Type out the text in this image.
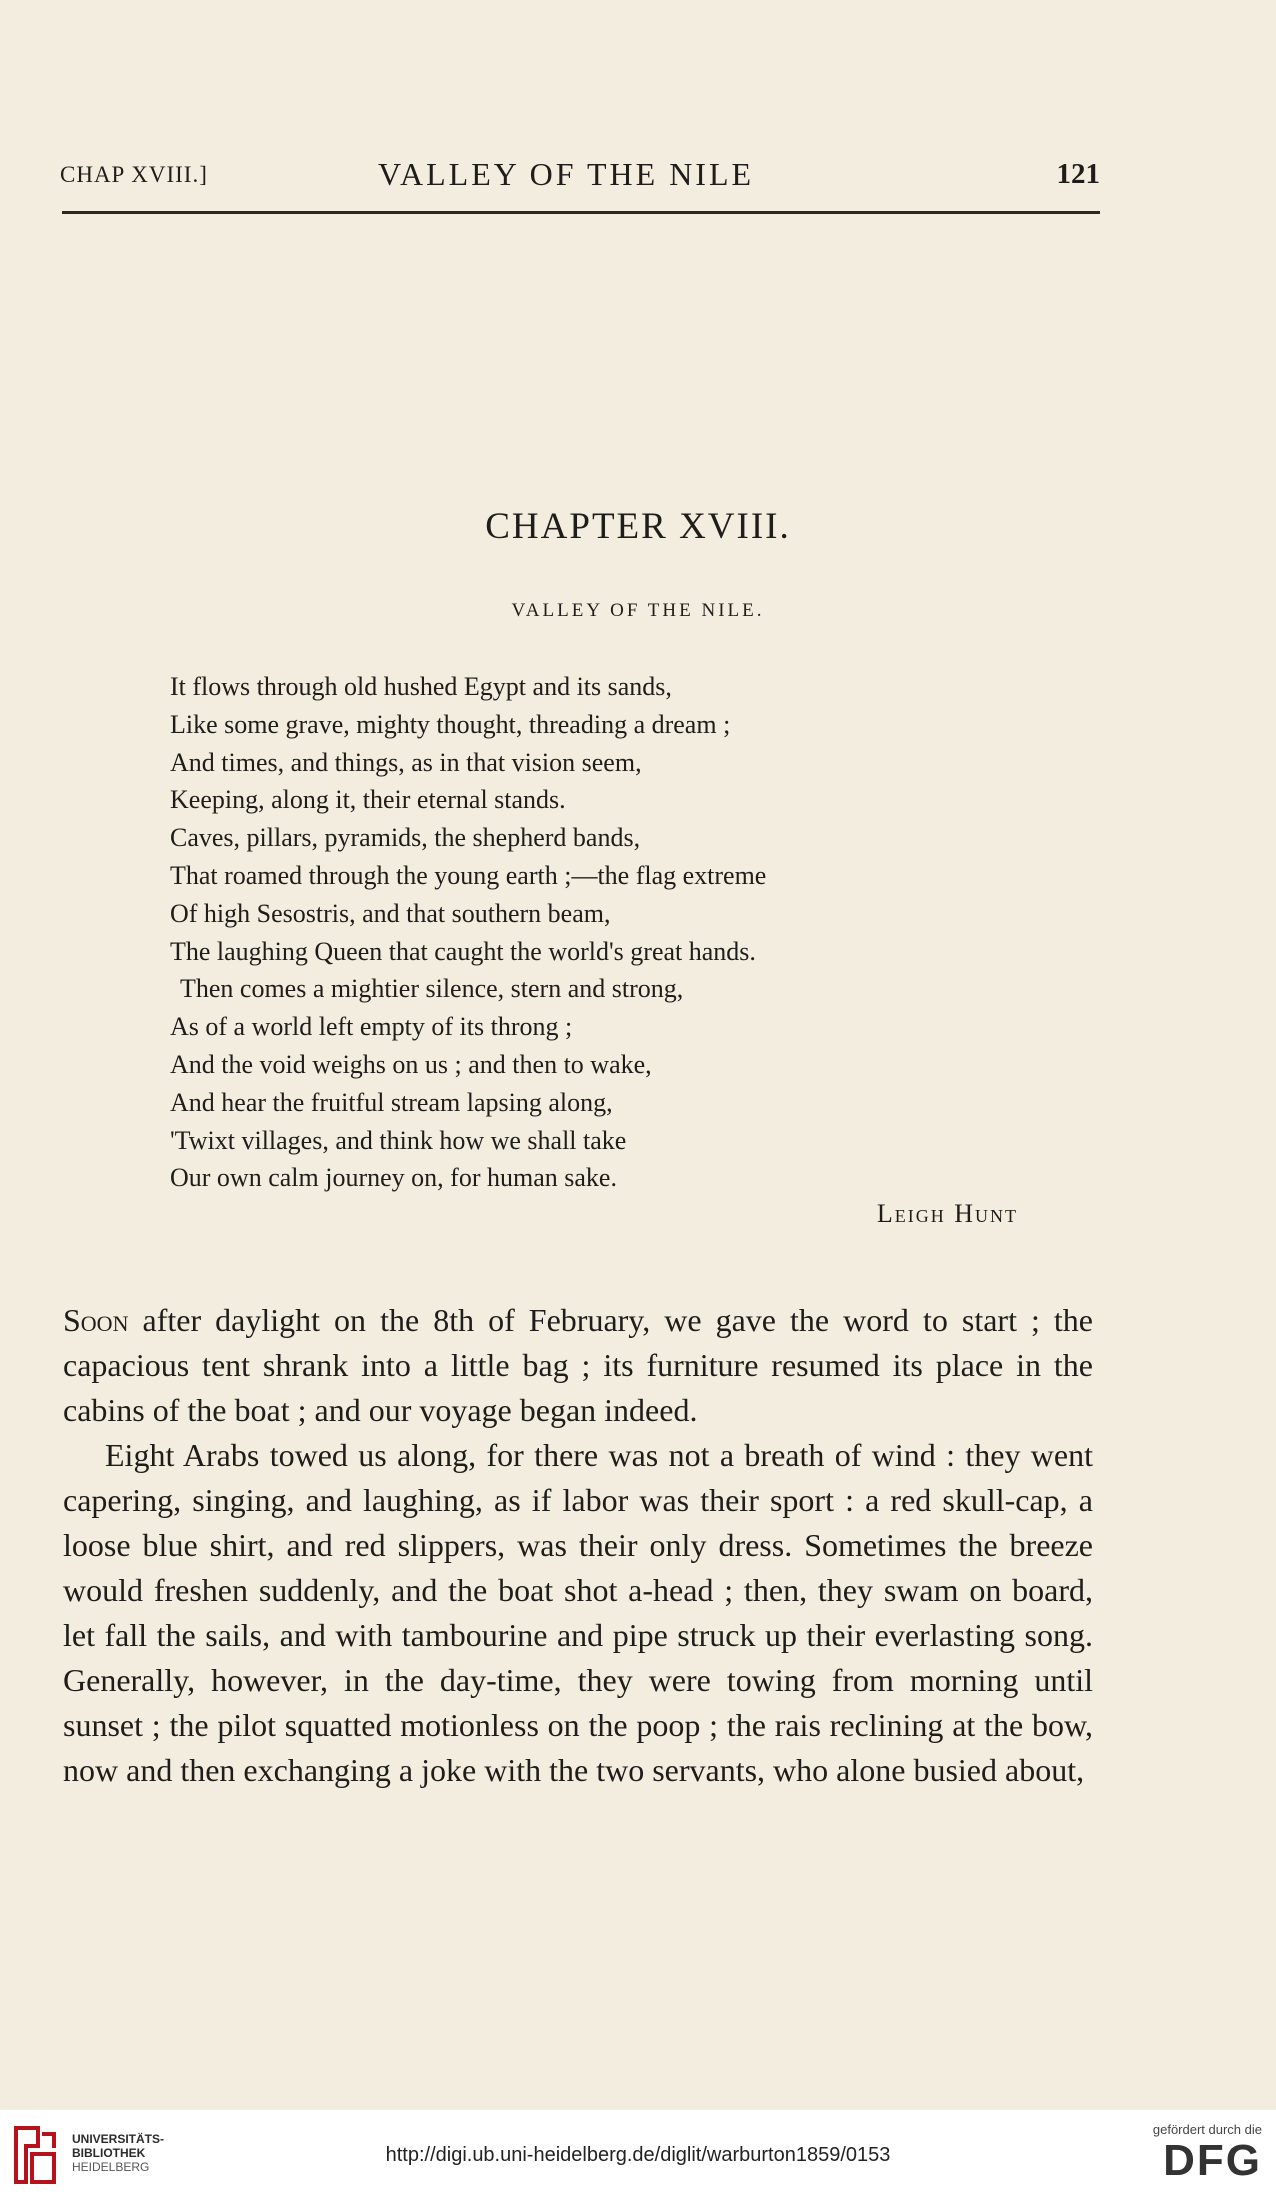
CHAP XVIII.]	VALLEY OF THE NILE	121
CHAPTER XVIII.
VALLEY OF THE NILE.
It flows through old hushed Egypt and its sands,
Like some grave, mighty thought, threading a dream ;
And times, and things, as in that vision seem,
Keeping, along it, their eternal stands.
Caves, pillars, pyramids, the shepherd bands,
That roamed through the young earth ;—the flag extreme
Of high Sesostris, and that southern beam,
The laughing Queen that caught the world's great hands.
Then comes a mightier silence, stern and strong,
As of a world left empty of its throng ;
And the void weighs on us ; and then to wake,
And hear the fruitful stream lapsing along,
'Twixt villages, and think how we shall take
Our own calm journey on, for human sake.
Leigh Hunt

Soon after daylight on the 8th of February, we gave the word to start ; the capacious tent shrank into a little bag ; its furniture resumed its place in the cabins of the boat ; and our voyage began indeed.

Eight Arabs towed us along, for there was not a breath of wind : they went capering, singing, and laughing, as if labor was their sport : a red skull-cap, a loose blue shirt, and red slippers, was their only dress. Sometimes the breeze would freshen suddenly, and the boat shot a-head ; then, they swam on board, let fall the sails, and with tambourine and pipe struck up their everlasting song. Generally, however, in the day-time, they were towing from morning until sunset ; the pilot squatted motionless on the poop ; the rais reclining at the bow, now and then exchanging a joke with the two servants, who alone busied about,

UNIVERSITÄTS-
BIBLIOTHEK
HEIDELBERG
http://digi.ub.uni-heidelberg.de/diglit/warburton1859/0153
gefördert durch die
DFG
